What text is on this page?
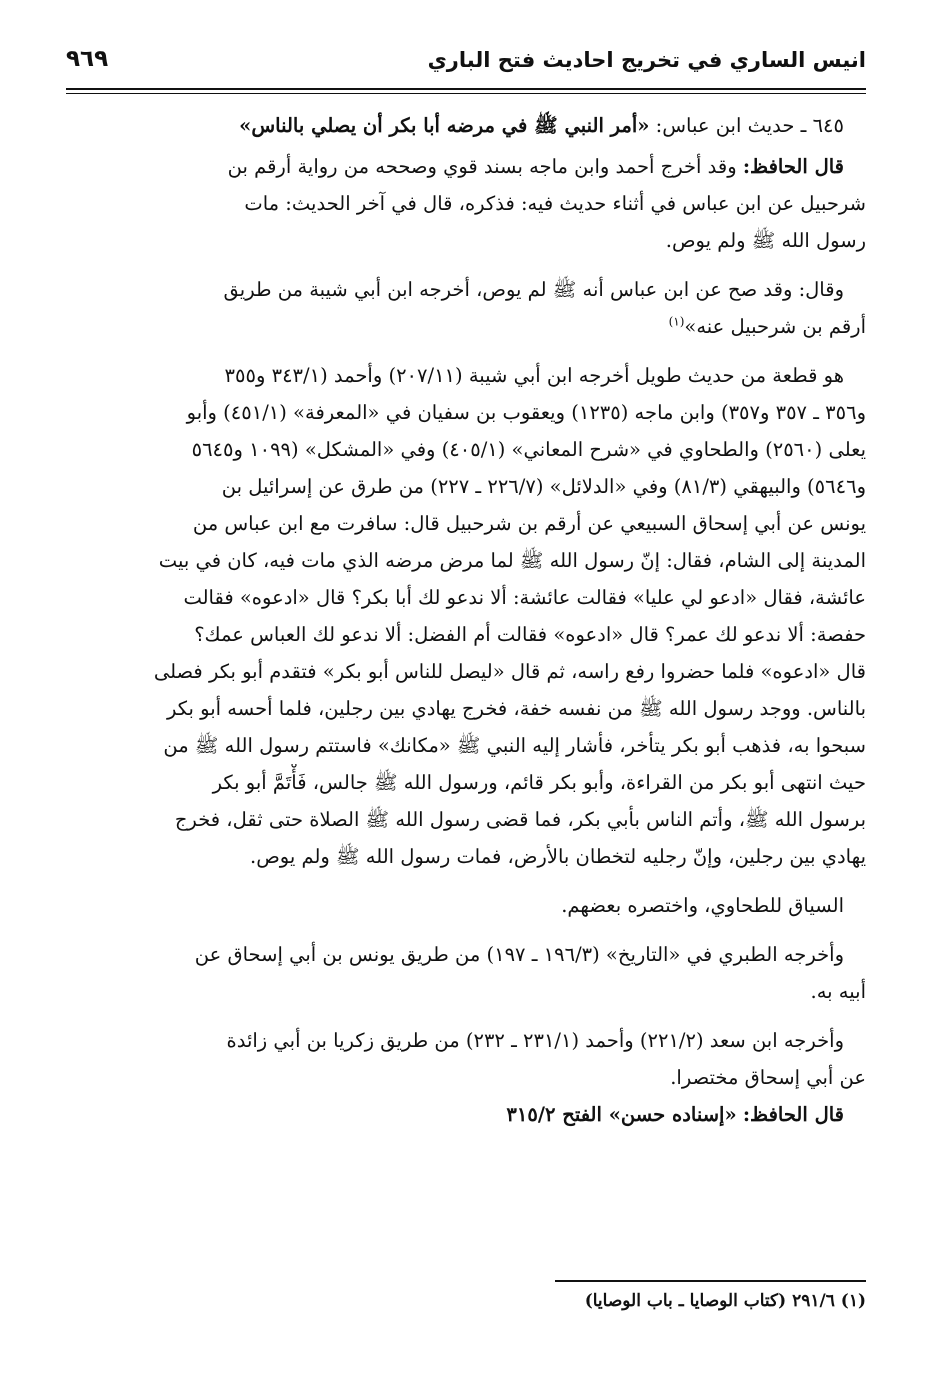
انيس الساري في تخريج احاديث فتح الباري
٩٦٩
٦٤٥ ـ حديث ابن عباس: «أمر النبي ﷺ في مرضه أبا بكر أن يصلي بالناس»
قال الحافظ: وقد أخرج أحمد وابن ماجه بسند قوي وصححه من رواية أرقم بن
شرحبيل عن ابن عباس في أثناء حديث فيه: فذكره، قال في آخر الحديث: مات
رسول الله ﷺ ولم يوص.
وقال: وقد صح عن ابن عباس أنه ﷺ لم يوص، أخرجه ابن أبي شيبة من طريق
أرقم بن شرحبيل عنه»$^{(١)}$
هو قطعة من حديث طويل أخرجه ابن أبي شيبة (٢٠٧/١١) وأحمد (٣٤٣/١ و٣٥٥
و٣٥٦ ـ ٣٥٧ و٣٥٧) وابن ماجه (١٢٣٥) ويعقوب بن سفيان في «المعرفة» (٤٥١/١) وأبو
يعلى (٢٥٦٠) والطحاوي في «شرح المعاني» (٤٠٥/١) وفي «المشكل» (١٠٩٩ و٥٦٤٥
و٥٦٤٦) والبيهقي (٨١/٣) وفي «الدلائل» (٢٢٦/٧ ـ ٢٢٧) من طرق عن إسرائيل بن
يونس عن أبي إسحاق السبيعي عن أرقم بن شرحبيل قال: سافرت مع ابن عباس من
المدينة إلى الشام، فقال: إنّ رسول الله ﷺ لما مرض مرضه الذي مات فيه، كان في بيت
عائشة، فقال «ادعو لي عليا» فقالت عائشة: ألا ندعو لك أبا بكر؟ قال «ادعوه» فقالت
حفصة: ألا ندعو لك عمر؟ قال «ادعوه» فقالت أم الفضل: ألا ندعو لك العباس عمك؟
قال «ادعوه» فلما حضروا رفع راسه، ثم قال «ليصل للناس أبو بكر» فتقدم أبو بكر فصلى
بالناس. ووجد رسول الله ﷺ من نفسه خفة، فخرج يهادي بين رجلين، فلما أحسه أبو بكر
سبحوا به، فذهب أبو بكر يتأخر، فأشار إليه النبي ﷺ «مكانك» فاستتم رسول الله ﷺ من
حيث انتهى أبو بكر من القراءة، وأبو بكر قائم، ورسول الله ﷺ جالس، فَأْتَمَّ أبو بكر
برسول الله ﷺ، وأتم الناس بأبي بكر، فما قضى رسول الله ﷺ الصلاة حتى ثقل، فخرج
يهادي بين رجلين، وإنّ رجليه لتخطان بالأرض، فمات رسول الله ﷺ ولم يوص.
السياق للطحاوي، واختصره بعضهم.
وأخرجه الطبري في «التاريخ» (١٩٦/٣ ـ ١٩٧) من طريق يونس بن أبي إسحاق عن
أبيه به.
وأخرجه ابن سعد (٢٢١/٢) وأحمد (٢٣١/١ ـ ٢٣٢) من طريق زكريا بن أبي زائدة
عن أبي إسحاق مختصرا.
قال الحافظ: «إسناده حسن» الفتح ٣١٥/٢
(١) ٢٩١/٦ (كتاب الوصايا ـ باب الوصايا)
